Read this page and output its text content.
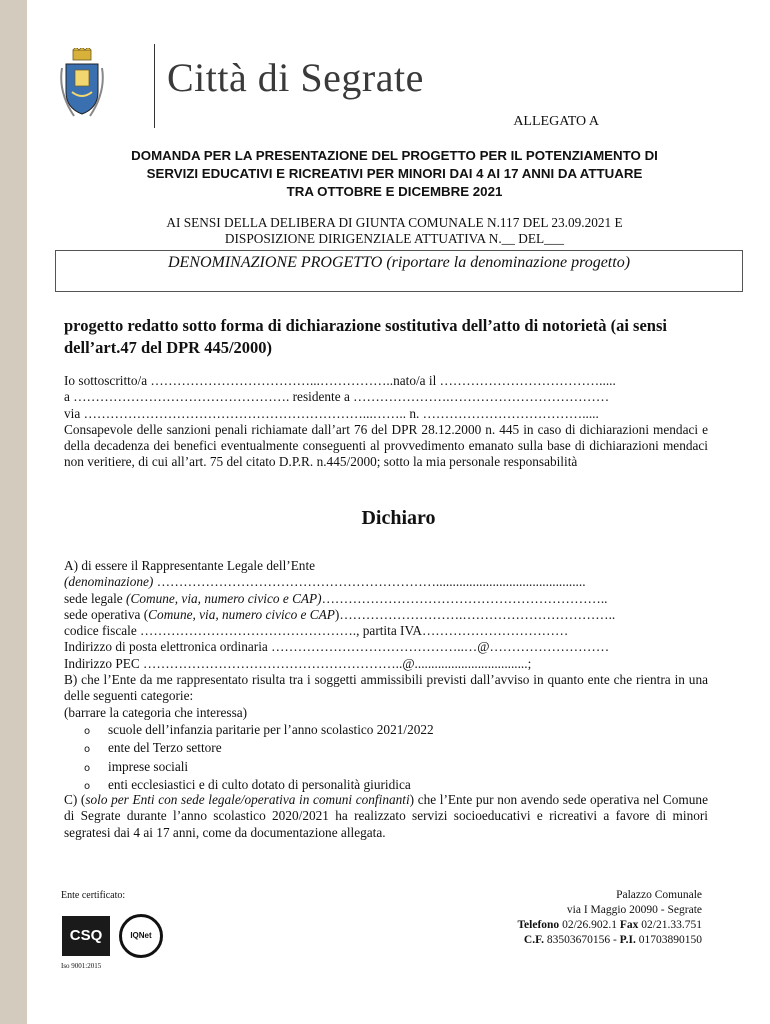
Città di Segrate
ALLEGATO A
DOMANDA PER LA PRESENTAZIONE DEL PROGETTO PER IL POTENZIAMENTO DI
SERVIZI EDUCATIVI E RICREATIVI PER MINORI DAI 4 AI 17 ANNI DA ATTUARE
TRA OTTOBRE E DICEMBRE 2021
AI SENSI DELLA DELIBERA DI GIUNTA COMUNALE N.117 DEL 23.09.2021 E
DISPOSIZIONE DIRIGENZIALE ATTUATIVA N.__ DEL___
DENOMINAZIONE PROGETTO (riportare la denominazione progetto)
progetto redatto sotto forma di dichiarazione sostitutiva dell’atto di notorietà (ai sensi dell’art.47 del DPR 445/2000)
Io sottoscritto/a ………………………………...……………..nato/a il ……………………………….....
a …………………………………………. residente a ………………….………………………………
via ………………………………………………………...…….. n. ……………………………….....
Consapevole delle sanzioni penali richiamate dall’art 76 del DPR 28.12.2000 n. 445 in caso di dichiarazioni mendaci e della decadenza dei benefici eventualmente conseguenti al provvedimento emanato sulla base di dichiarazioni mendaci non veritiere, di cui all’art. 75 del citato D.P.R. n.445/2000; sotto la mia personale responsabilità
Dichiaro
A) di essere il Rappresentante Legale dell’Ente
(denominazione) ……………………………………………………….............................................
sede legale (Comune, via, numero civico e CAP)………………………………………………………..
sede operativa (Comune, via, numero civico e CAP)……………………….……………………………..
codice fiscale …………………………………………., partita IVA……………………………
Indirizzo di posta elettronica ordinaria ……………………………………..…@………………………
Indirizzo PEC …………………………………………………..@..................................;
B) che l’Ente da me rappresentato risulta tra i soggetti ammissibili previsti dall’avviso in quanto ente che rientra in una delle seguenti categorie:
(barrare la categoria che interessa)
o scuole dell’infanzia paritarie per l’anno scolastico 2021/2022
o ente del Terzo settore
o imprese sociali
o enti ecclesiastici e di culto dotato di personalità giuridica
C) (solo per Enti con sede legale/operativa in comuni confinanti) che l’Ente pur non avendo sede operativa nel Comune di Segrate durante l’anno scolastico 2020/2021 ha realizzato servizi socioeducativi e ricreativi a favore di minori segratesi dai 4 ai 17 anni, come da documentazione allegata.
Ente certificato:
CSQ	IQNet
Iso 9001:2015
Palazzo Comunale
via I Maggio 20090 - Segrate
Telefono 02/26.902.1 Fax 02/21.33.751
C.F. 83503670156 - P.I. 01703890150
